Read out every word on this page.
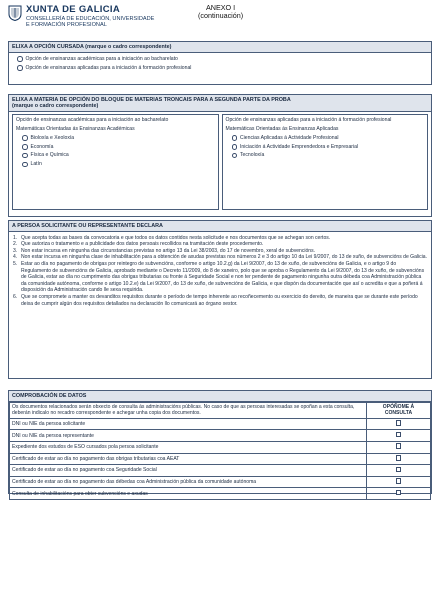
XUNTA DE GALICIA
CONSELLERÍA DE EDUCACIÓN, UNIVERSIDADE
E FORMACIÓN PROFESIONAL
ANEXO I
(continuación)
ELIXA A OPCIÓN CURSADA (marque o cadro correspondente)
Opción de ensinanzas académicas para a iniciación ao bacharelato
Opción de ensinanzas aplicadas para a iniciación á formación profesional
ELIXA A MATERIA DE OPCIÓN DO BLOQUE DE MATERIAS TRONCAIS PARA A SEGUNDA PARTE DA PROBA
(marque o cadro correspondente)
Opción de ensinanzas académicas para a iniciación ao bacharelato
Matemáticas Orientadas ás Ensinanzas Académicas
Bioloxía e Xeoloxía
Economía
Física e Química
Latín
Opción de ensinanzas aplicadas para a iniciación á formación profesional
Matemáticas Orientadas ás Ensinanzas Aplicadas
Ciencias Aplicadas á Actividade Profesional
Iniciación á Actividade Emprendedora e Empresarial
Tecnoloxía
A PERSOA SOLICITANTE OU REPRESENTANTE DECLARA
1. Que acepta todas as bases da convocatoria e que todos os datos contidos nesta solicitude e nos documentos que se achegan son certos.
2. Que autoriza o tratamento e a publicidade dos datos persoais recollidos na tramitación deste procedemento.
3. Non estar incursa en ningunha das circunstancias previstas no artigo 13 da Lei 38/2003, do 17 de novembro, xeral de subvencións.
4. Non estar incursa en ningunha clase de inhabilitación para a obtención de axudas previstas nos números 2 e 3 do artigo 10 da Lei 9/2007, do 13 de xuño, de subvencións de Galicia.
5. Estar ao día no pagamento de obrigas por reintegro de subvencións, conforme o artigo 10.2.g) da Lei 9/2007, do 13 de xuño, de subvencións de Galicia, e o artigo 9 do Regulamento de subvencións de Galicia, aprobado mediante o Decreto 11/2009, do 8 de xaneiro, polo que se aproba o Regulamento da Lei 9/2007, do 13 de xuño, de subvencións de Galicia, estar ao día no cumprimento das obrigas tributarias ou fronte á Seguridade Social e non ter pendente de pagamento ningunha outra débeda coa Administración pública da comunidade autónoma, conforme o artigo 10.2.e) da Lei 9/2007, do 13 de xuño, de subvencións de Galicia, e que dispón da documentación que así o acredita e que a poñerá á disposición da Administración cando lle sexa requirida.
6. Que se compromete a manter os devanditos requisitos durante o período de tempo inherente ao recoñecemento ou exercicio do dereito, de maneira que se durante este período deixa de cumprir algún dos requisitos detallados na declaración llo comunicará ao órgano xestor.
COMPROBACIÓN DE DATOS
Os documentos relacionados serán obxecto de consulta ás administracións públicas. No caso de que as persoas interesadas se opoñan a esta consulta, deberán indicalo no recadro correspondente e achegar unha copia dos documentos.	OPÓÑOME Á CONSULTA
DNI ou NIE da persoa solicitante	
DNI ou NIE da persoa representante	
Expediente dos estudos de ESO cursados pola persoa solicitante	
Certificado de estar ao día no pagamento das obrigas tributarias coa AEAT	
Certificado de estar ao día no pagamento coa Seguridade Social	
Certificado de estar ao día no pagamento das débedas coa Administración pública da comunidade autónoma	
Consulta de inhabilitacións para obter subvencións e axudas	
